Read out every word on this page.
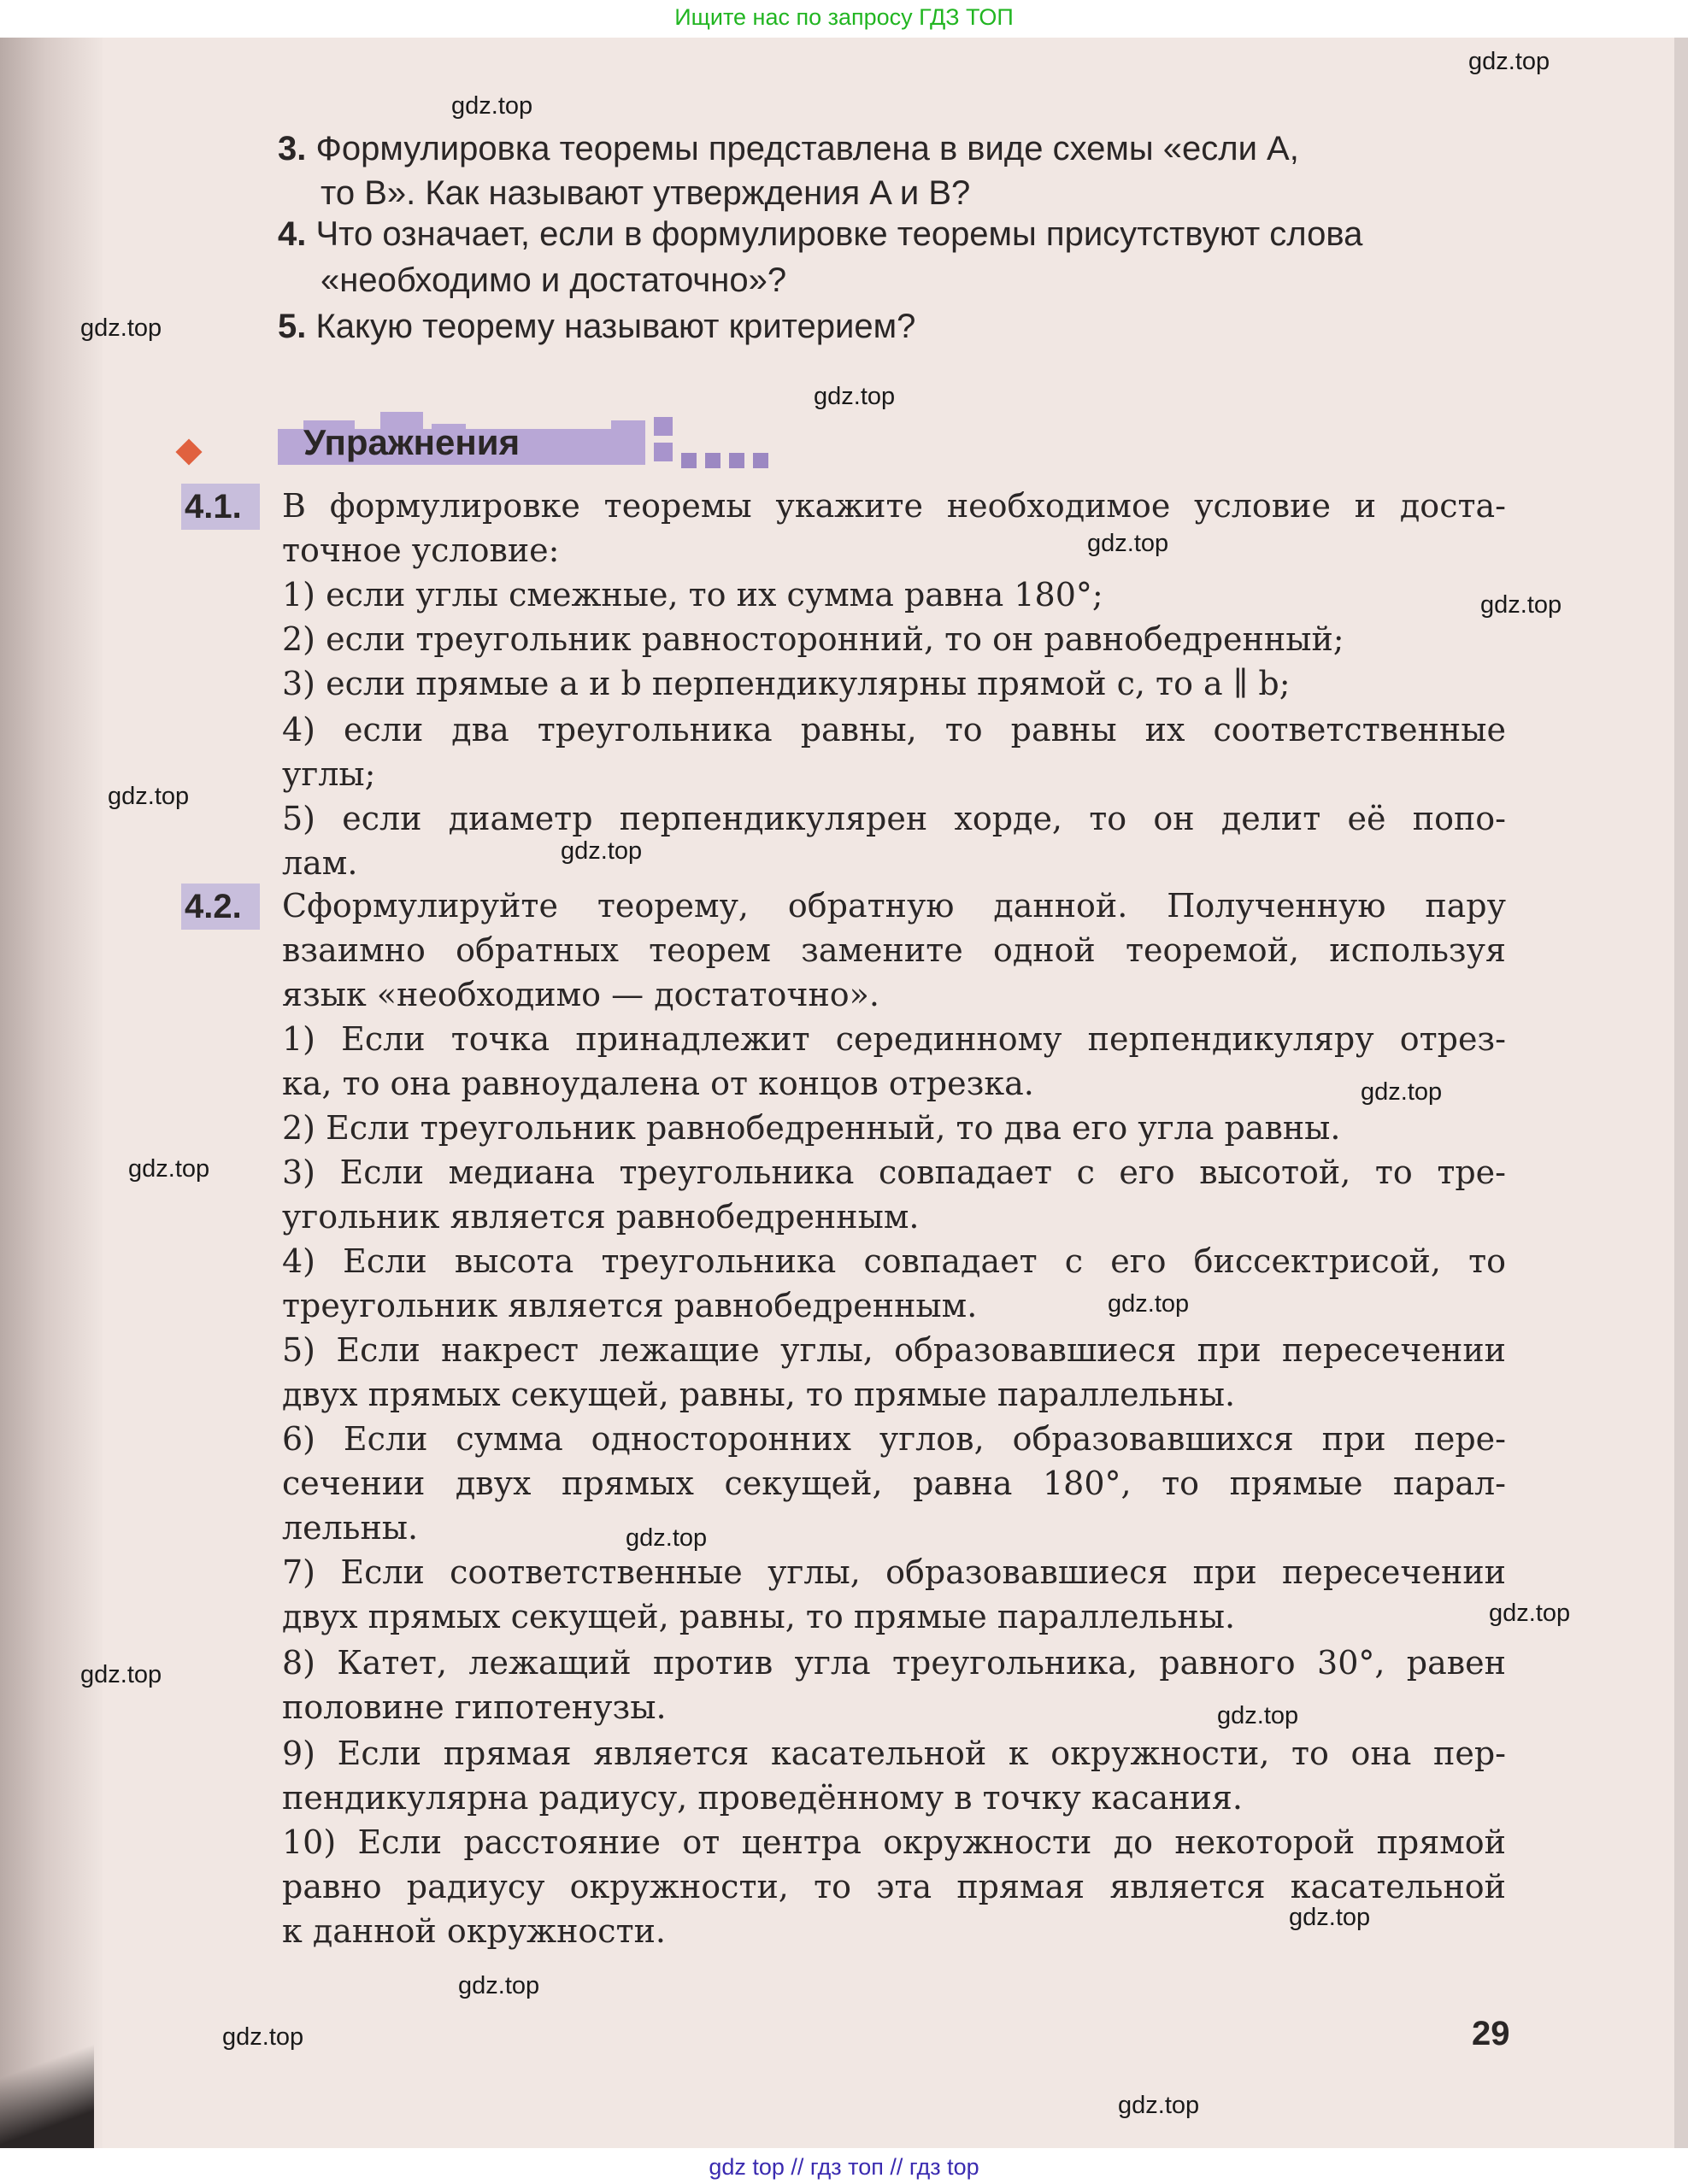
Ищите нас по запросу ГДЗ ТОП
3. Формулировка теоремы представлена в виде схемы «если A,
то B». Как называют утверждения A и B?
4. Что означает, если в формулировке теоремы присутствуют слова
«необходимо и достаточно»?
5. Какую теорему называют критерием?
Упражнения
4.1.	В формулировке теоремы укажите необходимое условие и доста-
точное условие:
1) если углы смежные, то их сумма равна 180°;
2) если треугольник равносторонний, то он равнобедренный;
3) если прямые a и b перпендикулярны прямой c, то a ∥ b;
4) если два треугольника равны, то равны их соответственные
углы;
5) если диаметр перпендикулярен хорде, то он делит её попо-
лам.
4.2.	Сформулируйте теорему, обратную данной. Полученную пару
взаимно обратных теорем замените одной теоремой, используя
язык «необходимо — достаточно».
1) Если точка принадлежит серединному перпендикуляру отрез-
ка, то она равноудалена от концов отрезка.
2) Если треугольник равнобедренный, то два его угла равны.
3) Если медиана треугольника совпадает с его высотой, то тре-
угольник является равнобедренным.
4) Если высота треугольника совпадает с его биссектрисой, то
треугольник является равнобедренным.
5) Если накрест лежащие углы, образовавшиеся при пересечении
двух прямых секущей, равны, то прямые параллельны.
6) Если сумма односторонних углов, образовавшихся при пере-
сечении двух прямых секущей, равна 180°, то прямые парал-
лельны.
7) Если соответственные углы, образовавшиеся при пересечении
двух прямых секущей, равны, то прямые параллельны.
8) Катет, лежащий против угла треугольника, равного 30°, равен
половине гипотенузы.
9) Если прямая является касательной к окружности, то она пер-
пендикулярна радиусу, проведённому в точку касания.
10) Если расстояние от центра окружности до некоторой прямой
равно радиусу окружности, то эта прямая является касательной
к данной окружности.
gdz.top
gdz.top
gdz.top
gdz.top
gdz.top
gdz.top
gdz.top
gdz.top
gdz.top
gdz.top
gdz.top
gdz.top
gdz.top
gdz.top
gdz.top
gdz.top
gdz.top
gdz.top
gdz.top
29
gdz top // гдз топ // гдз top
